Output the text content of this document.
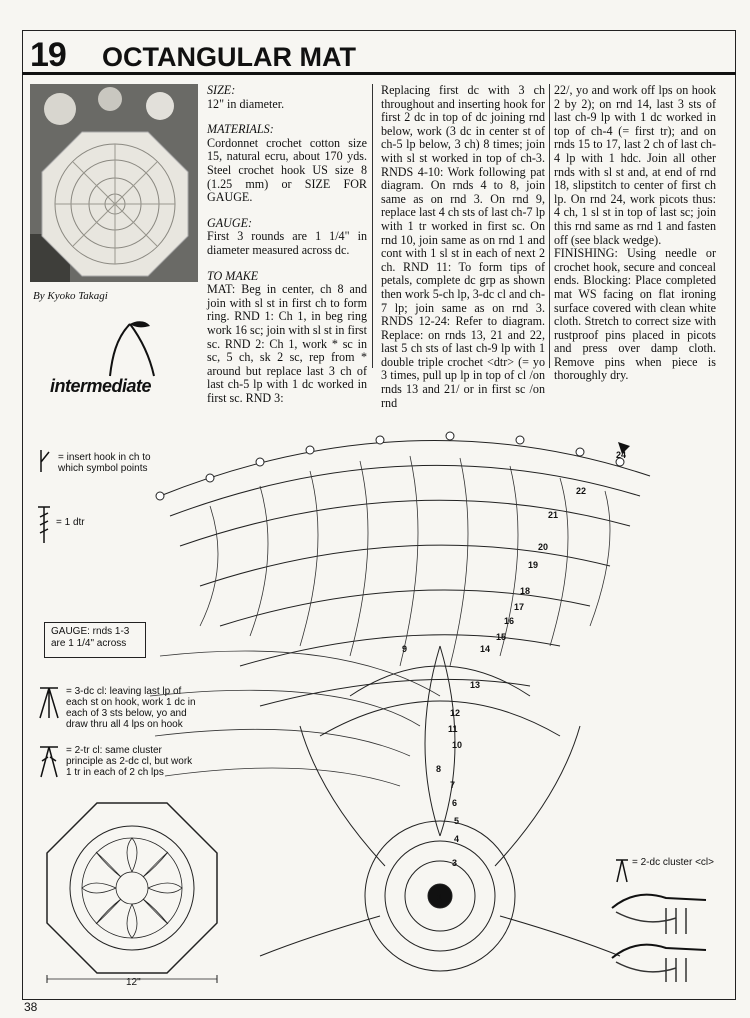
19 OCTANGULAR MAT
By Kyoko Takagi
intermediate

SIZE:

12" in diameter.

MATERIALS:

Cordonnet crochet cotton size 15, natural ecru, about 170 yds. Steel crochet hook US size 8 (1.25 mm) or SIZE FOR GAUGE.

GAUGE:

First 3 rounds are 1 1/4" in diameter measured across dc.

TO MAKE

MAT: Beg in center, ch 8 and join with sl st in first ch to form ring. RND 1: Ch 1, in beg ring work 16 sc; join with sl st in first sc. RND 2: Ch 1, work * sc in sc, 5 ch, sk 2 sc, rep from * around but replace last 3 ch of last ch-5 lp with 1 dc worked in first sc. RND 3:

Replacing first dc with 3 ch throughout and inserting hook for first 2 dc in top of dc joining rnd below, work (3 dc in center st of ch-5 lp below, 3 ch) 8 times; join with sl st worked in top of ch-3. RNDS 4-10: Work following pat diagram. On rnds 4 to 8, join same as on rnd 3. On rnd 9, replace last 4 ch sts of last ch-7 lp with 1 tr worked in first sc. On rnd 10, join same as on rnd 1 and cont with 1 sl st in each of next 2 ch. RND 11: To form tips of petals, complete dc grp as shown then work 5-ch lp, 3-dc cl and ch-7 lp; join same as on rnd 3. RNDS 12-24: Refer to diagram. Replace: on rnds 13, 21 and 22, last 5 ch sts of last ch-9 lp with 1 double triple crochet <dtr> (= yo 3 times, pull up lp in top of cl /on rnds 13 and 21/ or in first sc /on rnd

22/, yo and work off lps on hook 2 by 2); on rnd 14, last 3 sts of last ch-9 lp with 1 dc worked in top of ch-4 (= first tr); and on rnds 15 to 17, last 2 ch of last ch-4 lp with 1 hdc. Join all other rnds with sl st and, at end of rnd 18, slipstitch to center of first ch lp. On rnd 24, work picots thus: 4 ch, 1 sl st in top of last sc; join this rnd same as rnd 1 and fasten off (see black wedge).

FINISHING: Using needle or crochet hook, secure and conceal ends. Blocking: Place completed mat WS facing on flat ironing surface covered with clean white cloth. Stretch to correct size with rustproof pins placed in picots and press over damp cloth. Remove pins when piece is thoroughly dry.

= insert hook in ch to which symbol points
= 1 dtr
GAUGE: rnds 1-3 are 1 1/4" across
= 3-dc cl: leaving last lp of each st on hook, work 1 dc in each of 3 sts below, yo and draw thru all 4 lps on hook
= 2-tr cl: same cluster principle as 2-dc cl, but work 1 tr in each of 2 ch lps
1
3
4
5
6
7
8
9
10
11
12
13
14
15
16
17
18
19
20
21
22
24
12"
= 2-dc cluster <cl>
38
